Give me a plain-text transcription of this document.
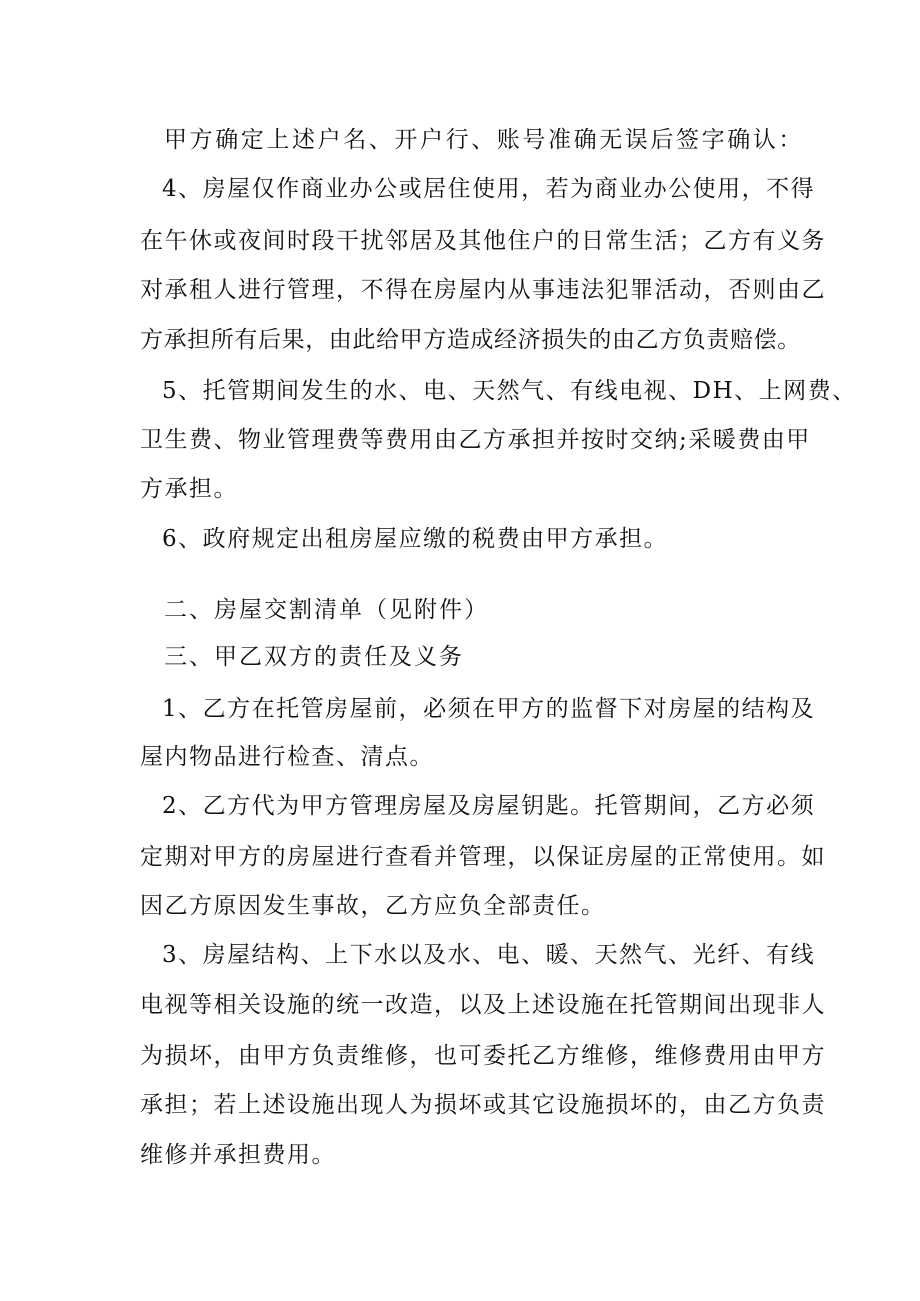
甲方确定上述户名、开户行、账号准确无误后签字确认：

4、房屋仅作商业办公或居住使用，若为商业办公使用，不得

在午休或夜间时段干扰邻居及其他住户的日常生活；乙方有义务

对承租人进行管理，不得在房屋内从事违法犯罪活动，否则由乙

方承担所有后果，由此给甲方造成经济损失的由乙方负责赔偿。

5、托管期间发生的水、电、天然气、有线电视、DH、上网费、

卫生费、物业管理费等费用由乙方承担并按时交纳;采暖费由甲

方承担。

6、政府规定出租房屋应缴的税费由甲方承担。

二、房屋交割清单（见附件）

三、甲乙双方的责任及义务

1、乙方在托管房屋前，必须在甲方的监督下对房屋的结构及

屋内物品进行检查、清点。

2、乙方代为甲方管理房屋及房屋钥匙。托管期间，乙方必须

定期对甲方的房屋进行查看并管理，以保证房屋的正常使用。如

因乙方原因发生事故，乙方应负全部责任。

3、房屋结构、上下水以及水、电、暖、天然气、光纤、有线

电视等相关设施的统一改造，以及上述设施在托管期间出现非人

为损坏，由甲方负责维修，也可委托乙方维修，维修费用由甲方

承担；若上述设施出现人为损坏或其它设施损坏的，由乙方负责

维修并承担费用。
